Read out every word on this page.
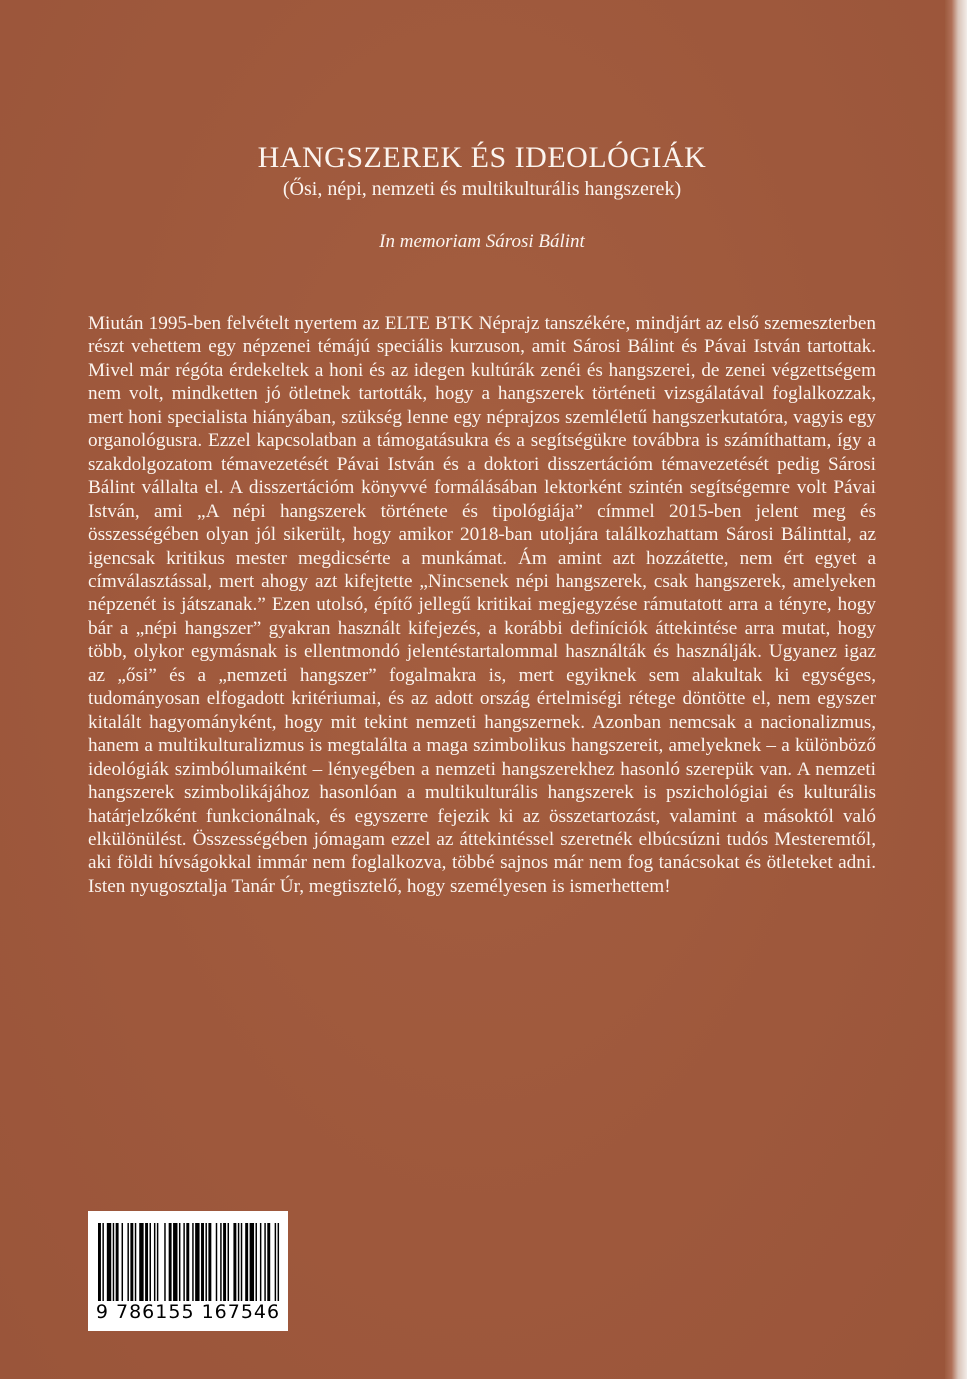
HANGSZEREK ÉS IDEOLÓGIÁK

(Ősi, népi, nemzeti és multikulturális hangszerek)

In memoriam Sárosi Bálint

Miután 1995-ben felvételt nyertem az ELTE BTK Néprajz tanszékére, mindjárt az első szemeszterben részt vehettem egy népzenei témájú speciális kurzuson, amit Sárosi Bálint és Pávai István tartottak. Mivel már régóta érdekeltek a honi és az idegen kultúrák zenéi és hangszerei, de zenei végzettségem nem volt, mindketten jó ötletnek tartották, hogy a hangszerek történeti vizsgálatával foglalkozzak, mert honi specialista hiányában, szükség lenne egy néprajzos szemléletű hangszerkutatóra, vagyis egy organológusra. Ezzel kapcsolatban a támogatásukra és a segítségükre továbbra is számíthattam, így a szakdolgozatom témavezetését Pávai István és a doktori disszertációm témavezetését pedig Sárosi Bálint vállalta el. A disszertációm könyvvé formálásában lektorként szintén segítségemre volt Pávai István, ami „A népi hangszerek története és tipológiája” címmel 2015-ben jelent meg és összességében olyan jól sikerült, hogy amikor 2018-ban utoljára találkozhattam Sárosi Bálinttal, az igencsak kritikus mester megdicsérte a munkámat. Ám amint azt hozzátette, nem ért egyet a címválasztással, mert ahogy azt kifejtette „Nincsenek népi hangszerek, csak hangszerek, amelyeken népzenét is játszanak.” Ezen utolsó, építő jellegű kritikai megjegyzése rámutatott arra a tényre, hogy bár a „népi hangszer” gyakran használt kifejezés, a korábbi definíciók áttekintése arra mutat, hogy több, olykor egymásnak is ellentmondó jelentéstartalommal használták és használják. Ugyanez igaz az „ősi” és a „nemzeti hangszer” fogalmakra is, mert egyiknek sem alakultak ki egységes, tudományosan elfogadott kritériumai, és az adott ország értelmiségi rétege döntötte el, nem egyszer kitalált hagyományként, hogy mit tekint nemzeti hangszernek. Azonban nemcsak a nacionalizmus, hanem a multikulturalizmus is megtalálta a maga szimbolikus hangszereit, amelyeknek – a különböző ideológiák szimbólumaiként – lényegében a nemzeti hangszerekhez hasonló szerepük van. A nemzeti hangszerek szimbolikájához hasonlóan a multikulturális hangszerek is pszichológiai és kulturális határjelzőként funkcionálnak, és egyszerre fejezik ki az összetartozást, valamint a másoktól való elkülönülést. Összességében jómagam ezzel az áttekintéssel szeretnék elbúcsúzni tudós Mesteremtől, aki földi hívságokkal immár nem foglalkozva, többé sajnos már nem fog tanácsokat és ötleteket adni. Isten nyugosztalja Tanár Úr, megtisztelő, hogy személyesen is ismerhettem!

9 786155 167546
